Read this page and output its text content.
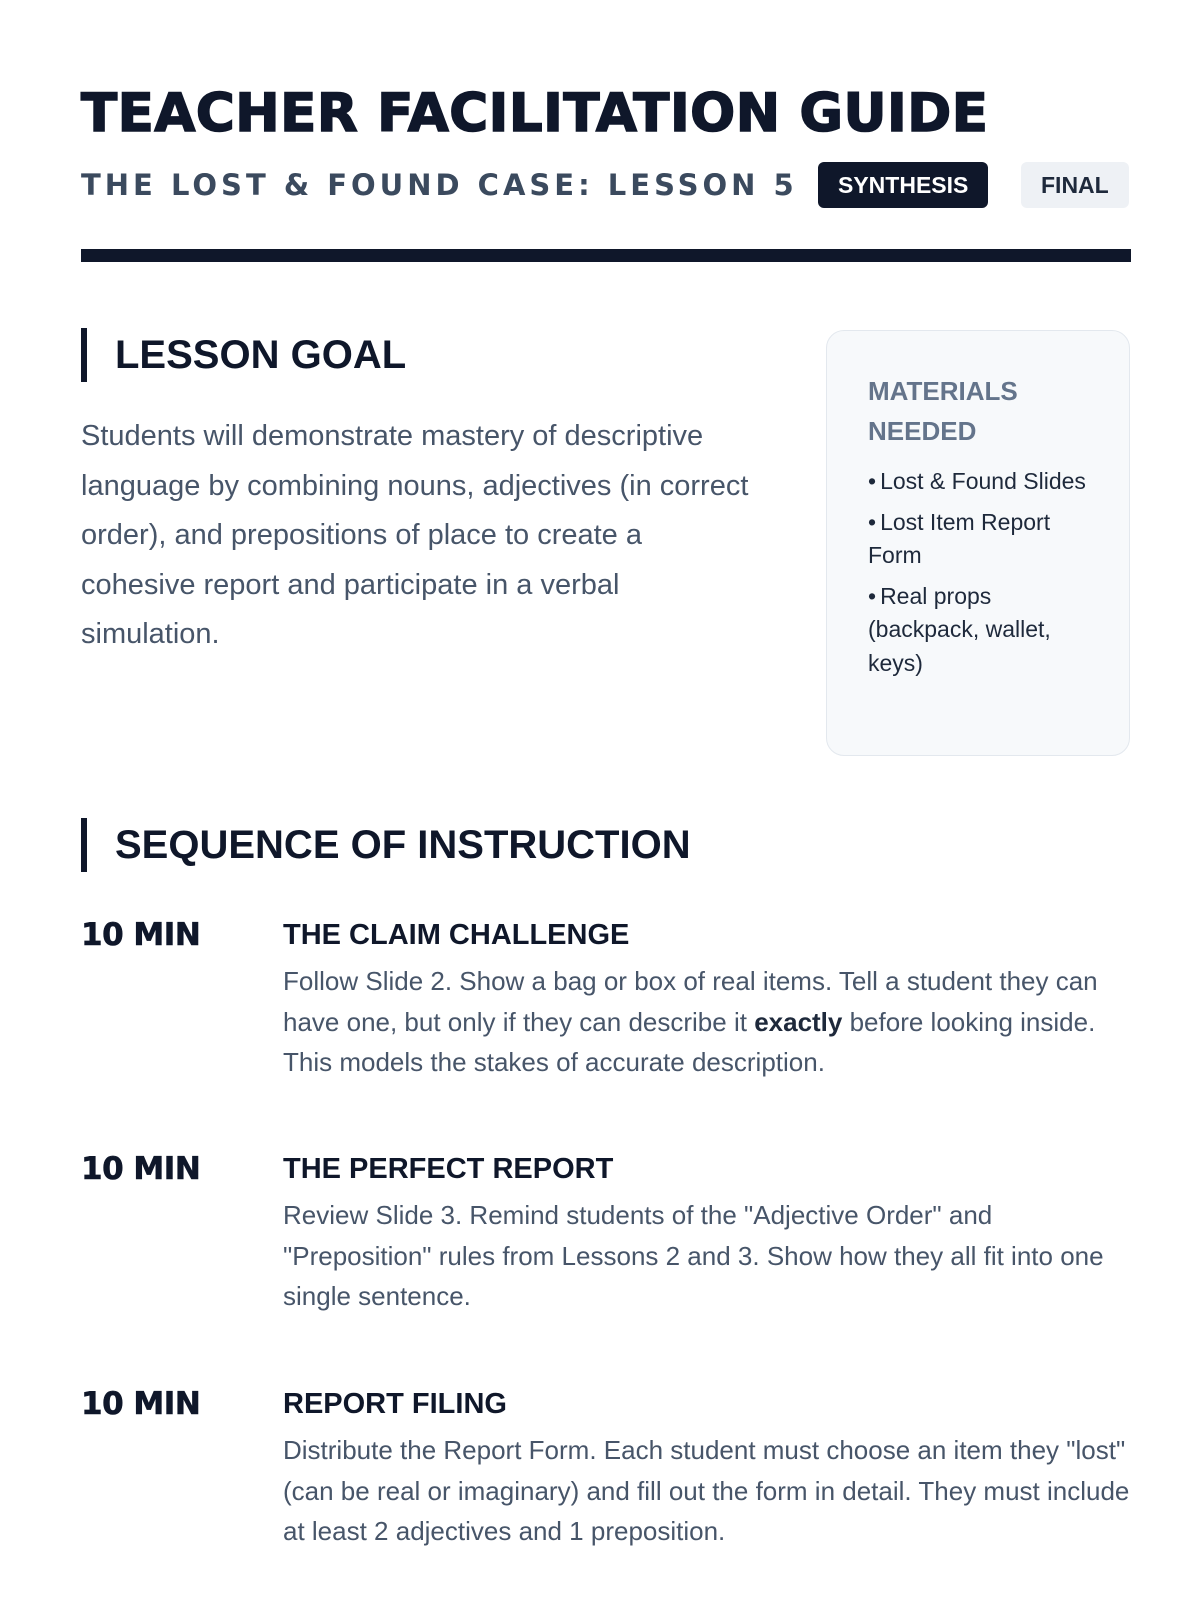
TEACHER FACILITATION GUIDE
THE LOST & FOUND CASE: LESSON 5	SYNTHESIS	FINAL
LESSON GOAL

Students will demonstrate mastery of descriptive language by combining nouns, adjectives (in correct order), and prepositions of place to create a cohesive report and participate in a verbal simulation.

MATERIALS NEEDED
• Lost & Found Slides
• Lost Item Report Form
• Real props (backpack, wallet, keys)
SEQUENCE OF INSTRUCTION
10 MIN	THE CLAIM CHALLENGE

Follow Slide 2. Show a bag or box of real items. Tell a student they can have one, but only if they can describe it exactly before looking inside. This models the stakes of accurate description.

10 MIN	THE PERFECT REPORT

Review Slide 3. Remind students of the "Adjective Order" and "Preposition" rules from Lessons 2 and 3. Show how they all fit into one single sentence.

10 MIN	REPORT FILING

Distribute the Report Form. Each student must choose an item they "lost" (can be real or imaginary) and fill out the form in detail. They must include at least 2 adjectives and 1 preposition.
